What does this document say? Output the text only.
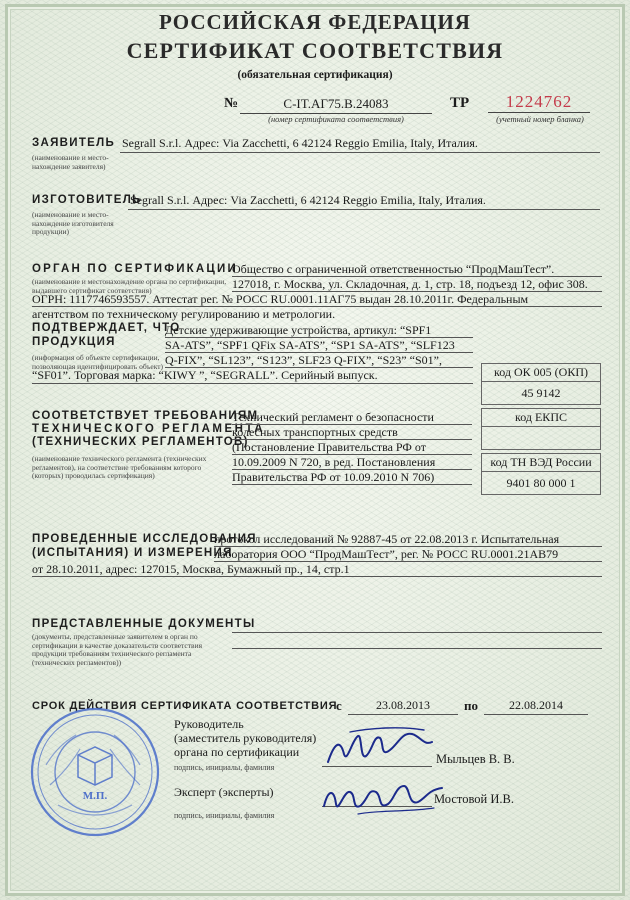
РОССИЙСКАЯ ФЕДЕРАЦИЯ
СЕРТИФИКАТ СООТВЕТСТВИЯ
(обязательная сертификация)
№	C-IT.АГ75.B.24083
(номер сертификата соответствия)
ТР	1224762
(учетный номер бланка)
ЗАЯВИТЕЛЬ Segrall S.r.l. Адрес: Via Zacchetti, 6 42124 Reggio Emilia, Italy, Италия.
(наименование и место-нахождение заявителя)
ИЗГОТОВИТЕЛЬ
Segrall S.r.l. Адрес: Via Zacchetti, 6 42124 Reggio Emilia, Italy, Италия.
(наименование и место-нахождение изготовителя продукции)
ОРГАН ПО СЕРТИФИКАЦИИ
(наименование и местонахождение органа по сертификации, выдавшего сертификат соответствия)
Общество с ограниченной ответственностью “ПродМашТест”.
127018, г. Москва, ул. Складочная, д. 1, стр. 18, подъезд 12, офис 308.
ОГРН: 1117746593557. Аттестат рег. № РОСС RU.0001.11АГ75 выдан 28.10.2011г. Федеральным
агентством по техническому регулированию и метрологии.
ПОДТВЕРЖДАЕТ, ЧТО
ПРОДУКЦИЯ
(информация об объекте сертификации, позволяющая идентифицировать объект)
Детские удерживающие устройства, артикул: “SPF1
SA-ATS”, “SPF1 QFix SA-ATS”, “SP1 SA-ATS”, “SLF123
Q-FIX”, “SL123”, “S123”, SLF23 Q-FIX”, “S23” “S01”,
“SF01”. Торговая марка: “KIWY ”, “SEGRALL”. Серийный выпуск.	код ОК 005 (ОКП)
45 9142
код ЕКПС
код ТН ВЭД России
9401 80 000 1
СООТВЕТСТВУЕТ ТРЕБОВАНИЯМ
ТЕХНИЧЕСКОГО РЕГЛАМЕНТА
(ТЕХНИЧЕСКИХ РЕГЛАМЕНТОВ)
(наименование технического регламента (технических регламентов), на соответствие требованиям которого (которых) проводилась сертификация)
Технический регламент о безопасности
колесных транспортных средств
(Постановление Правительства РФ от
10.09.2009 N 720, в ред. Постановления
Правительства РФ от 10.09.2010 N 706)
ПРОВЕДЕННЫЕ ИССЛЕДОВАНИЯ
(ИСПЫТАНИЯ) И ИЗМЕРЕНИЯ
протокол исследований № 92887-45 от 22.08.2013 г. Испытательная
лаборатория ООО “ПродМашТест”, рег. № РОСС RU.0001.21АВ79
от 28.10.2011, адрес: 127015, Москва, Бумажный пр., 14, стр.1
ПРЕДСТАВЛЕННЫЕ ДОКУМЕНТЫ
(документы, представленные заявителем в орган по сертификации в качестве доказательств соответствия продукции требованиям технического регламента (технических регламентов))
СРОК ДЕЙСТВИЯ СЕРТИФИКАТА СООТВЕТСТВИЯ
с	23.08.2013	по	22.08.2014
М.П.
Руководитель
(заместитель руководителя)
органа по сертификации
подпись, инициалы, фамилия
Мыльцев В. В.
Эксперт (эксперты)
подпись, инициалы, фамилия
Мостовой И.В.
